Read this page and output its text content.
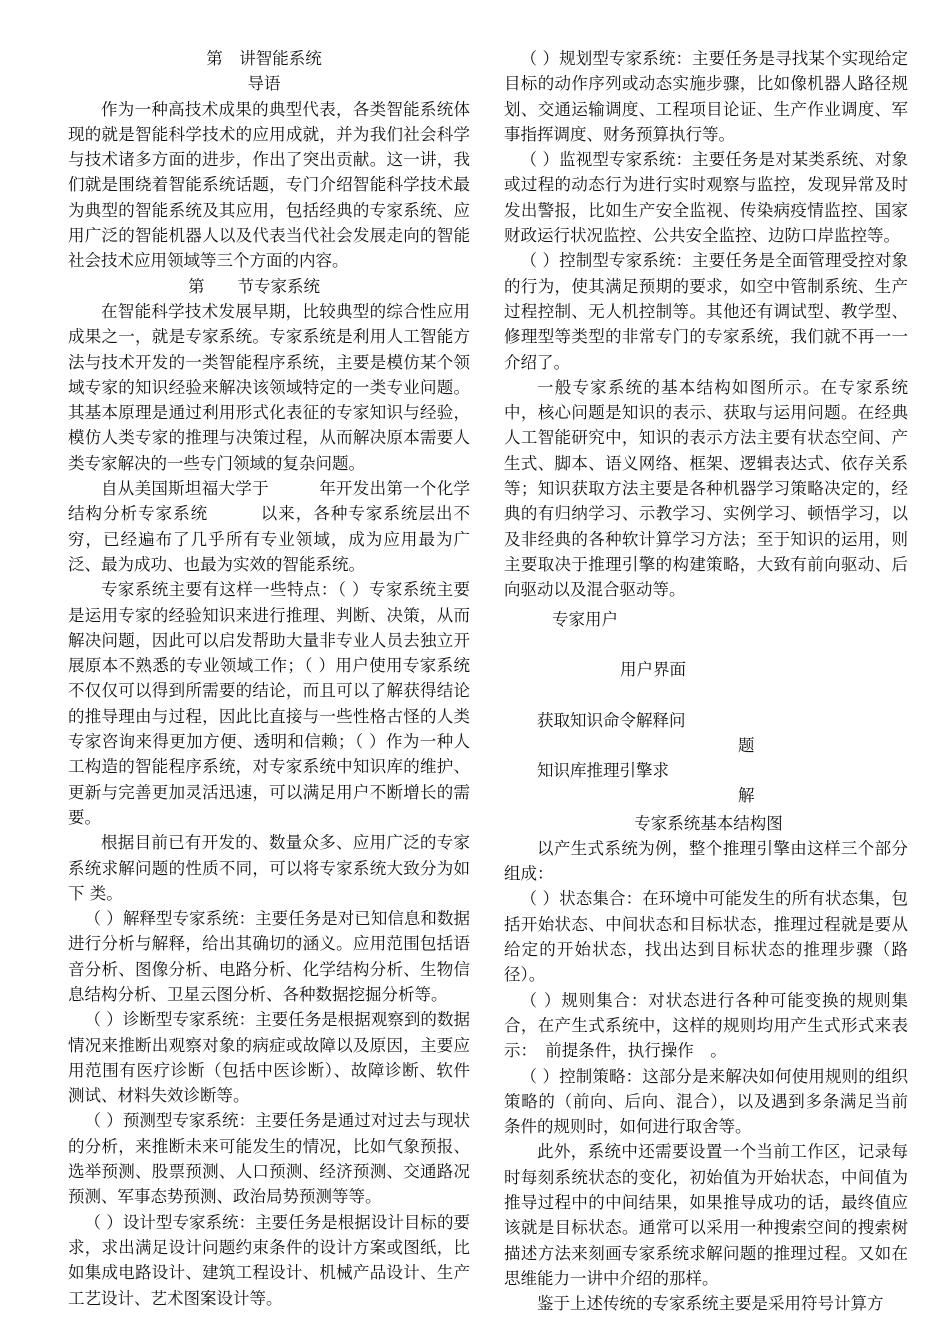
第　讲智能系统

导语

作为一种高技术成果的典型代表，各类智能系统体现的就是智能科学技术的应用成就，并为我们社会科学与技术诸多方面的进步，作出了突出贡献。这一讲，我们就是围绕着智能系统话题，专门介绍智能科学技术最为典型的智能系统及其应用，包括经典的专家系统、应用广泛的智能机器人以及代表当代社会发展走向的智能社会技术应用领域等三个方面的内容。

第　　节专家系统

在智能科学技术发展早期，比较典型的综合性应用成果之一，就是专家系统。专家系统是利用人工智能方法与技术开发的一类智能程序系统，主要是模仿某个领域专家的知识经验来解决该领域特定的一类专业问题。其基本原理是通过利用形式化表征的专家知识与经验，模仿人类专家的推理与决策过程，从而解决原本需要人类专家解决的一些专门领域的复杂问题。

自从美国斯坦福大学于　　　年开发出第一个化学结构分析专家系统　　　以来，各种专家系统层出不穷，已经遍布了几乎所有专业领域，成为应用最为广泛、最为成功、也最为实效的智能系统。

专家系统主要有这样一些特点：（ ）专家系统主要是运用专家的经验知识来进行推理、判断、决策，从而解决问题，因此可以启发帮助大量非专业人员去独立开展原本不熟悉的专业领域工作；（ ）用户使用专家系统不仅仅可以得到所需要的结论，而且可以了解获得结论的推导理由与过程，因此比直接与一些性格古怪的人类专家咨询来得更加方便、透明和信赖；（ ）作为一种人工构造的智能程序系统，对专家系统中知识库的维护、更新与完善更加灵活迅速，可以满足用户不断增长的需要。

根据目前已有开发的、数量众多、应用广泛的专家系统求解问题的性质不同，可以将专家系统大致分为如下 类。

（ ）解释型专家系统：主要任务是对已知信息和数据进行分析与解释，给出其确切的涵义。应用范围包括语音分析、图像分析、电路分析、化学结构分析、生物信息结构分析、卫星云图分析、各种数据挖掘分析等。

（ ）诊断型专家系统：主要任务是根据观察到的数据情况来推断出观察对象的病症或故障以及原因，主要应用范围有医疗诊断（包括中医诊断）、故障诊断、软件测试、材料失效诊断等。

（ ）预测型专家系统：主要任务是通过对过去与现状的分析，来推断未来可能发生的情况，比如气象预报、选举预测、股票预测、人口预测、经济预测、交通路况预测、军事态势预测、政治局势预测等等。

（ ）设计型专家系统：主要任务是根据设计目标的要求，求出满足设计问题约束条件的设计方案或图纸，比如集成电路设计、建筑工程设计、机械产品设计、生产工艺设计、艺术图案设计等。

（ ）规划型专家系统：主要任务是寻找某个实现给定目标的动作序列或动态实施步骤，比如像机器人路径规划、交通运输调度、工程项目论证、生产作业调度、军事指挥调度、财务预算执行等。

（ ）监视型专家系统：主要任务是对某类系统、对象或过程的动态行为进行实时观察与监控，发现异常及时发出警报，比如生产安全监视、传染病疫情监控、国家财政运行状况监控、公共安全监控、边防口岸监控等。

（ ）控制型专家系统：主要任务是全面管理受控对象的行为，使其满足预期的要求，如空中管制系统、生产过程控制、无人机控制等。其他还有调试型、教学型、修理型等类型的非常专门的专家系统，我们就不再一一介绍了。

一般专家系统的基本结构如图所示。在专家系统中，核心问题是知识的表示、获取与运用问题。在经典人工智能研究中，知识的表示方法主要有状态空间、产生式、脚本、语义网络、框架、逻辑表达式、依存关系等；知识获取方法主要是各种机器学习策略决定的，经典的有归纳学习、示教学习、实例学习、顿悟学习，以及非经典的各种软计算学习方法；至于知识的运用，则主要取决于推理引擎的构建策略，大致有前向驱动、后向驱动以及混合驱动等。

专家用户
用户界面
获取知识命令解释问
题
知识库推理引擎求
解

专家系统基本结构图

以产生式系统为例，整个推理引擎由这样三个部分组成：

（ ）状态集合：在环境中可能发生的所有状态集，包括开始状态、中间状态和目标状态，推理过程就是要从给定的开始状态，找出达到目标状态的推理步骤（路径）。

（ ）规则集合：对状态进行各种可能变换的规则集合，在产生式系统中，这样的规则均用产生式形式来表示：　前提条件，执行操作　。

（ ）控制策略：这部分是来解决如何使用规则的组织策略的（前向、后向、混合），以及遇到多条满足当前条件的规则时，如何进行取舍等。

此外，系统中还需要设置一个当前工作区，记录每时每刻系统状态的变化，初始值为开始状态，中间值为推导过程中的中间结果，如果推导成功的话，最终值应该就是目标状态。通常可以采用一种搜索空间的搜索树描述方法来刻画专家系统求解问题的推理过程。又如在思维能力一讲中介绍的那样。

鉴于上述传统的专家系统主要是采用符号计算方
